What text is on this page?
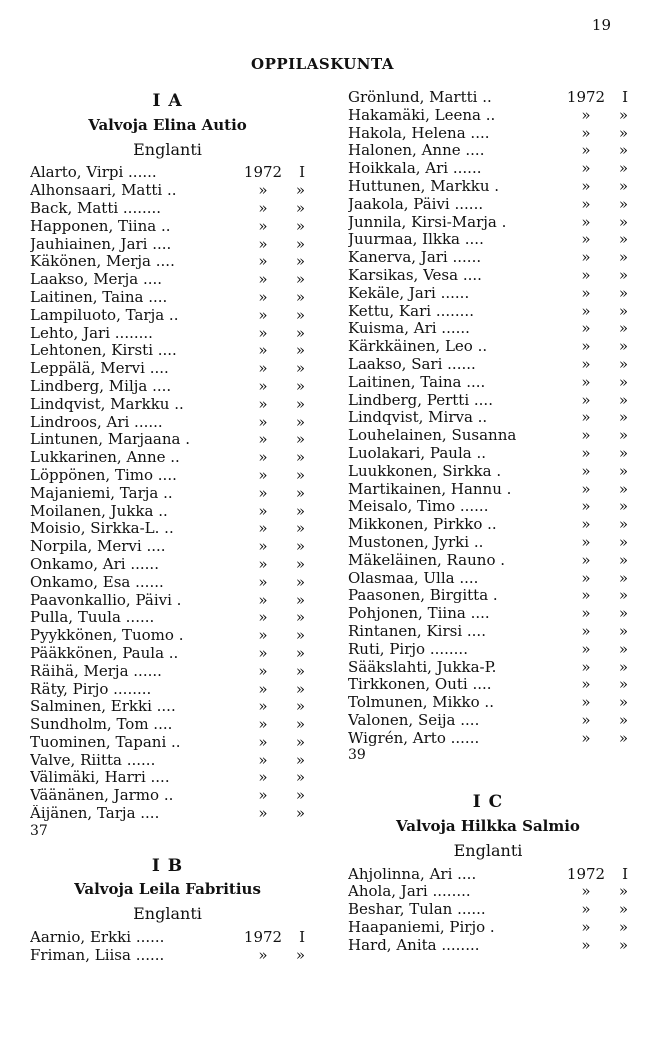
19
OPPILASKUNTA
I A
Valvoja Elina Autio
Englanti
Alarto, Virpi ......	1972	I
Alhonsaari, Matti ..	»	»
Back, Matti ........	»	»
Happonen, Tiina ..	»	»
Jauhiainen, Jari ....	»	»
Käkönen, Merja ....	»	»
Laakso, Merja ....	»	»
Laitinen, Taina ....	»	»
Lampiluoto, Tarja ..	»	»
Lehto, Jari ........	»	»
Lehtonen, Kirsti ....	»	»
Leppälä, Mervi ....	»	»
Lindberg, Milja ....	»	»
Lindqvist, Markku ..	»	»
Lindroos, Ari ......	»	»
Lintunen, Marjaana .	»	»
Lukkarinen, Anne ..	»	»
Löppönen, Timo ....	»	»
Majaniemi, Tarja ..	»	»
Moilanen, Jukka ..	»	»
Moisio, Sirkka-L. ..	»	»
Norpila, Mervi ....	»	»
Onkamo, Ari ......	»	»
Onkamo, Esa ......	»	»
Paavonkallio, Päivi .	»	»
Pulla, Tuula ......	»	»
Pyykkönen, Tuomo .	»	»
Pääkkönen, Paula ..	»	»
Räihä, Merja ......	»	»
Räty, Pirjo ........	»	»
Salminen, Erkki ....	»	»
Sundholm, Tom ....	»	»
Tuominen, Tapani ..	»	»
Valve, Riitta ......	»	»
Välimäki, Harri ....	»	»
Väänänen, Jarmo ..	»	»
Äijänen, Tarja ....	»	»
37
I B
Valvoja Leila Fabritius
Englanti
Aarnio, Erkki ......	1972	I
Friman, Liisa ......	»	»
Grönlund, Martti ..	1972	I
Hakamäki, Leena ..	»	»
Hakola, Helena ....	»	»
Halonen, Anne ....	»	»
Hoikkala, Ari ......	»	»
Huttunen, Markku .	»	»
Jaakola, Päivi ......	»	»
Junnila, Kirsi-Marja .	»	»
Juurmaa, Ilkka ....	»	»
Kanerva, Jari ......	»	»
Karsikas, Vesa ....	»	»
Kekäle, Jari ......	»	»
Kettu, Kari ........	»	»
Kuisma, Ari ......	»	»
Kärkkäinen, Leo ..	»	»
Laakso, Sari ......	»	»
Laitinen, Taina ....	»	»
Lindberg, Pertti ....	»	»
Lindqvist, Mirva ..	»	»
Louhelainen, Susanna	»	»
Luolakari, Paula ..	»	»
Luukkonen, Sirkka .	»	»
Martikainen, Hannu .	»	»
Meisalo, Timo ......	»	»
Mikkonen, Pirkko ..	»	»
Mustonen, Jyrki ..	»	»
Mäkeläinen, Rauno .	»	»
Olasmaa, Ulla ....	»	»
Paasonen, Birgitta .	»	»
Pohjonen, Tiina ....	»	»
Rintanen, Kirsi ....	»	»
Ruti, Pirjo ........	»	»
Sääkslahti, Jukka-P.	»	»
Tirkkonen, Outi ....	»	»
Tolmunen, Mikko ..	»	»
Valonen, Seija ....	»	»
Wigrén, Arto ......	»	»
39
I C
Valvoja Hilkka Salmio
Englanti
Ahjolinna, Ari ....	1972	I
Ahola, Jari ........	»	»
Beshar, Tulan ......	»	»
Haapaniemi, Pirjo .	»	»
Hard, Anita ........	»	»
